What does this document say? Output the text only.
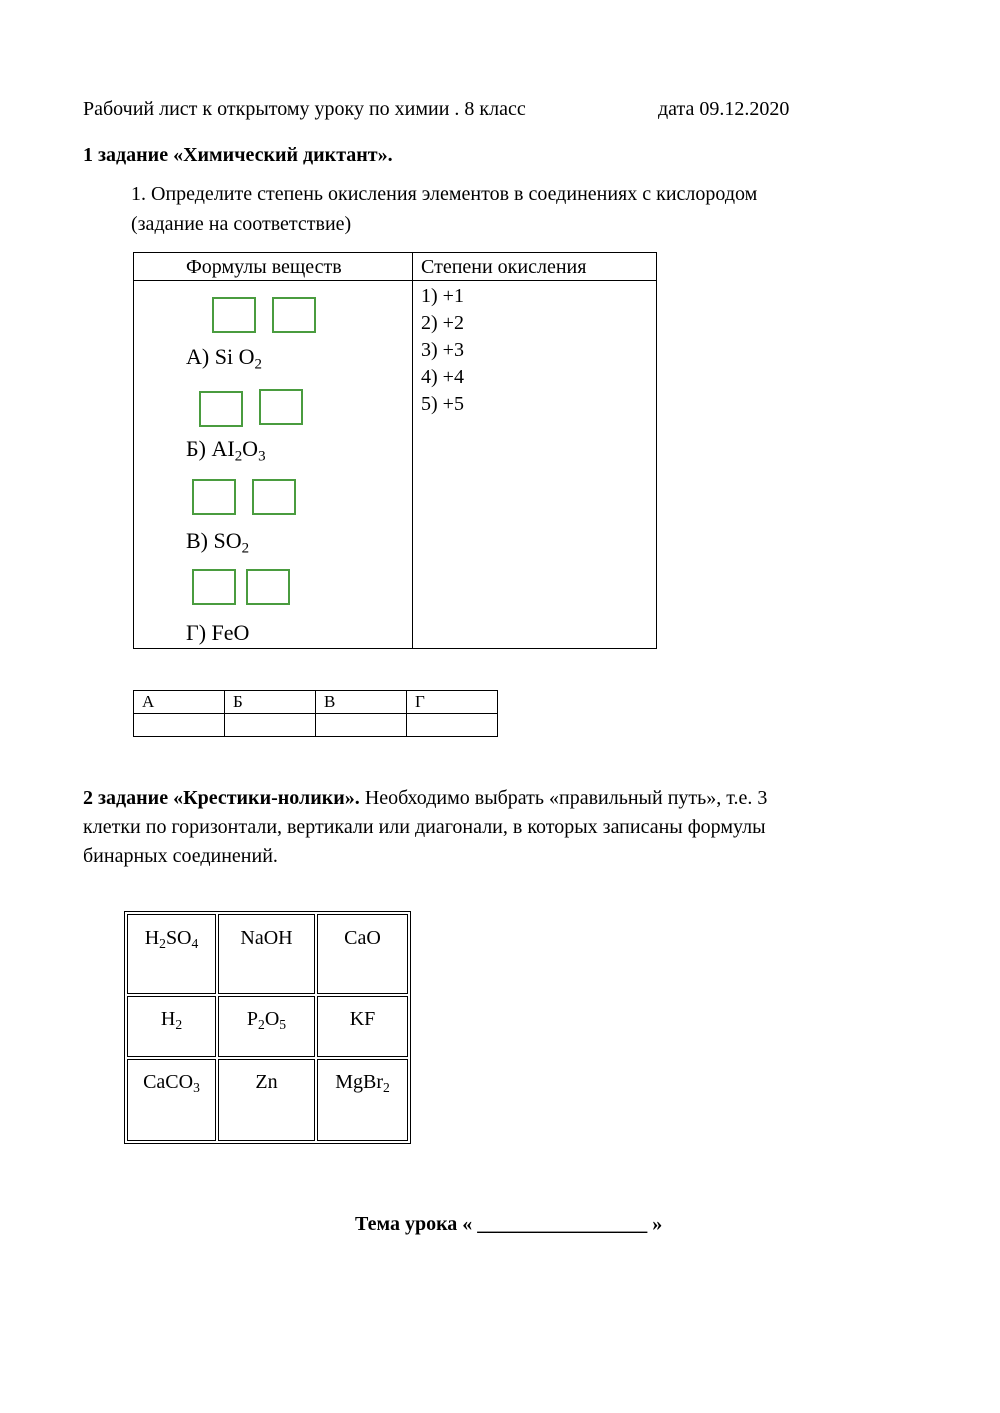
Рабочий лист к открытому уроку по химии . 8 класс	дата 09.12.2020
1 задание «Химический диктант».
1. Определите степень окисления элементов в соединениях с кислородом
(задание на соответствие)
Формулы веществ	Степени окисления
1) +1
2) +2
3) +3
4) +4
5) +5
А) Si $O_2$
Б) $AI_2O_3$
В) $SO_2$
Г) FeO
А	Б	В	Г

2 задание «Крестики-нолики». Необходимо выбрать «правильный путь», т.е. 3
клетки по горизонтали, вертикали или диагонали, в которых записаны формулы
бинарных соединений.
$H_2SO_4$	NaOH	CaO
$H_2$	$P_2O_5$	KF
CaCO$_3$	Zn	MgBr$_2$
Тема урока « _________________ »
